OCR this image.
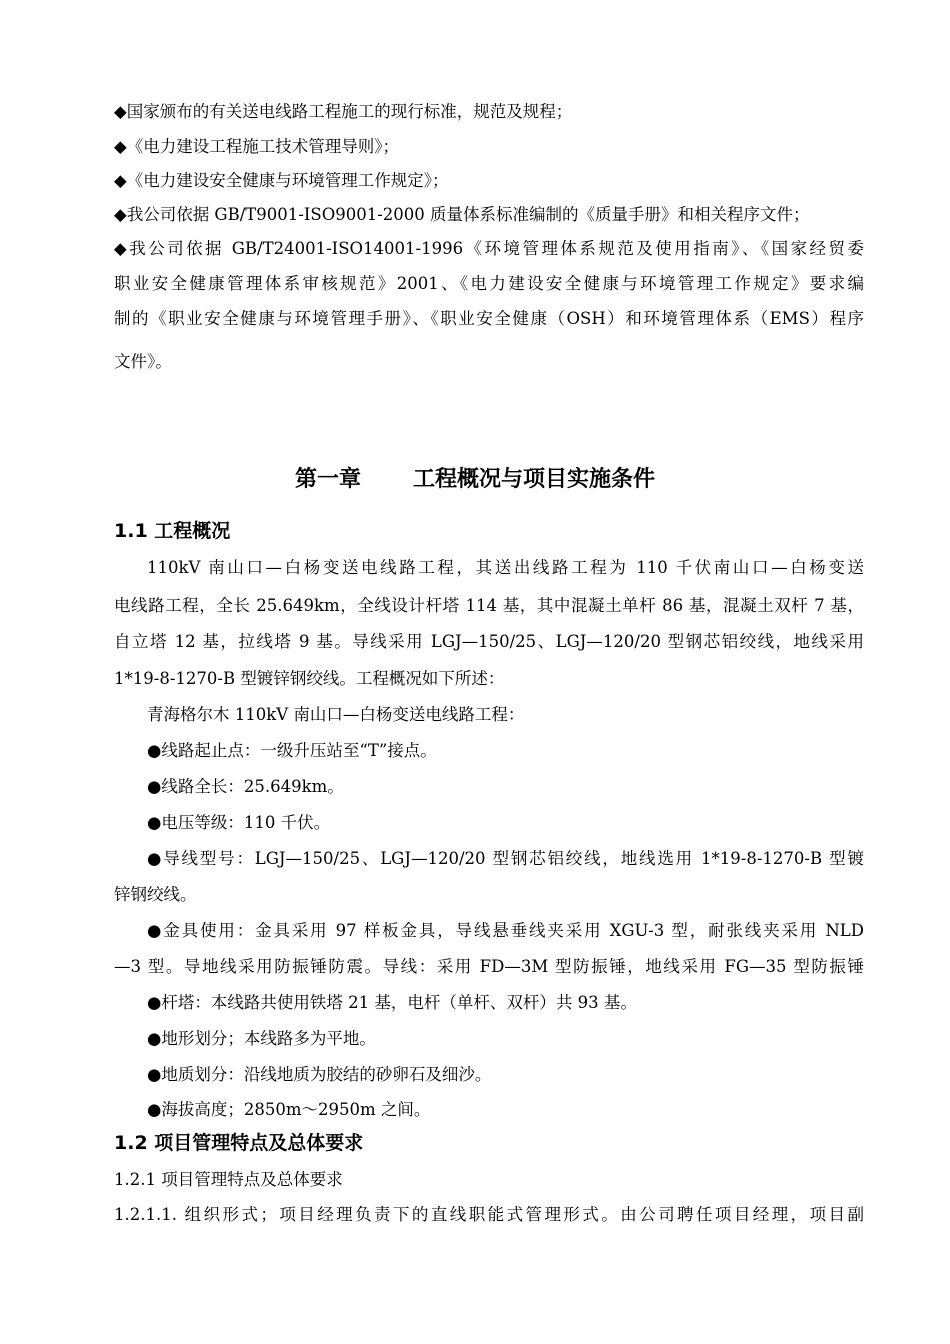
◆国家颁布的有关送电线路工程施工的现行标准，规范及规程；
◆《电力建设工程施工技术管理导则》；
◆《电力建设安全健康与环境管理工作规定》；
◆我公司依据 GB/T9001-ISO9001-2000 质量体系标准编制的《质量手册》和相关程序文件；
◆我公司依据 GB/T24001-ISO14001-1996《环境管理体系规范及使用指南》、《国家经贸委
职业安全健康管理体系审核规范》2001、《电力建设安全健康与环境管理工作规定》要求编
制的《职业安全健康与环境管理手册》、《职业安全健康（OSH）和环境管理体系（EMS）程序
文件》。
第一章 工程概况与项目实施条件
1.1 工程概况
110kV 南山口—白杨变送电线路工程，其送出线路工程为 110 千伏南山口—白杨变送
电线路工程，全长 25.649km，全线设计杆塔 114 基，其中混凝土单杆 86 基，混凝土双杆 7 基，
自立塔 12 基，拉线塔 9 基。导线采用 LGJ—150/25、LGJ—120/20 型钢芯铝绞线，地线采用
1*19-8-1270-B 型镀锌钢绞线。工程概况如下所述：
青海格尔木 110kV 南山口—白杨变送电线路工程：
●线路起止点：一级升压站至“T”接点。
●线路全长：25.649km。
●电压等级：110 千伏。
●导线型号：LGJ—150/25、LGJ—120/20 型钢芯铝绞线，地线选用 1*19-8-1270-B 型镀
锌钢绞线。
●金具使用：金具采用 97 样板金具，导线悬垂线夹采用 XGU-3 型，耐张线夹采用 NLD
—3 型。导地线采用防振锤防震。导线：采用 FD—3M 型防振锤，地线采用 FG—35 型防振锤
●杆塔：本线路共使用铁塔 21 基，电杆（单杆、双杆）共 93 基。
●地形划分；本线路多为平地。
●地质划分：沿线地质为胶结的砂卵石及细沙。
●海拔高度；2850m～2950m 之间。
1.2 项目管理特点及总体要求
1.2.1 项目管理特点及总体要求
1.2.1.1. 组织形式；项目经理负责下的直线职能式管理形式。由公司聘任项目经理，项目副
